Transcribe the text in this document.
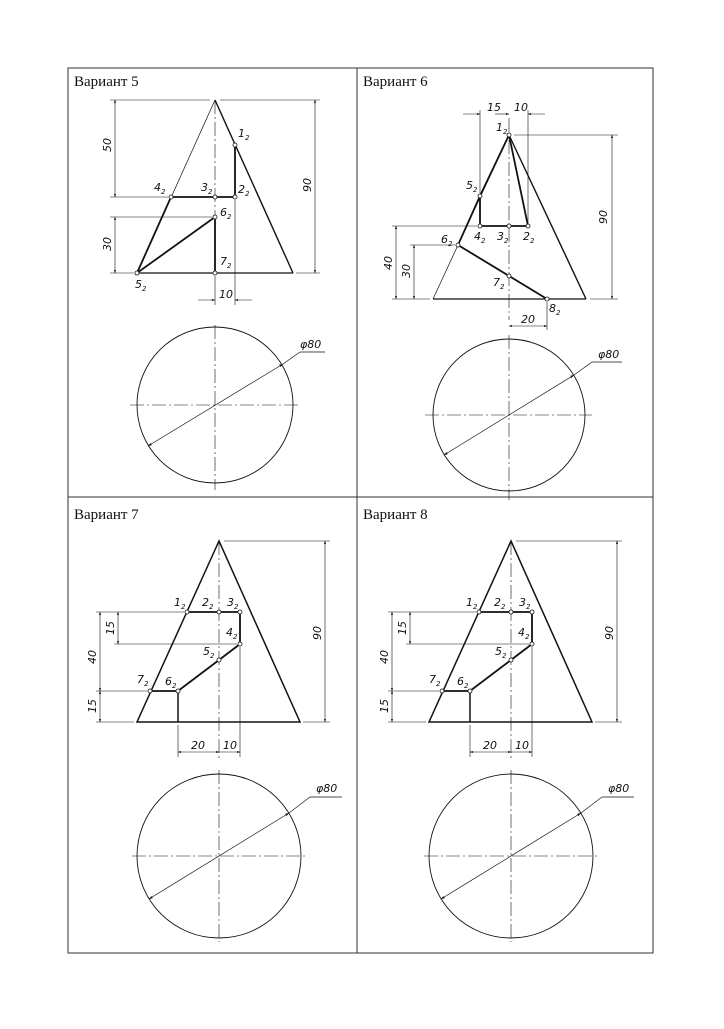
Вариант 5
$1_2$
$2_2$
$3_2$
$4_2$
$5_2$
$6_2$
$7_2$
50
30
90
10
φ80
Вариант 6
$1_2$
$2_2$
$3_2$
$4_2$
$5_2$
$6_2$
$7_2$
$8_2$
15 10
90
40
30
20
φ80
Вариант 7
$1_2$ $2_2$ $3_2$
$4_2$
$5_2$
$6_2$
$7_2$
90
40
15
15
20 10
φ80
Вариант 8
$1_2$ $2_2$ $3_2$
$4_2$
$5_2$
$6_2$
$7_2$
90
40
15
15
20 10
φ80
